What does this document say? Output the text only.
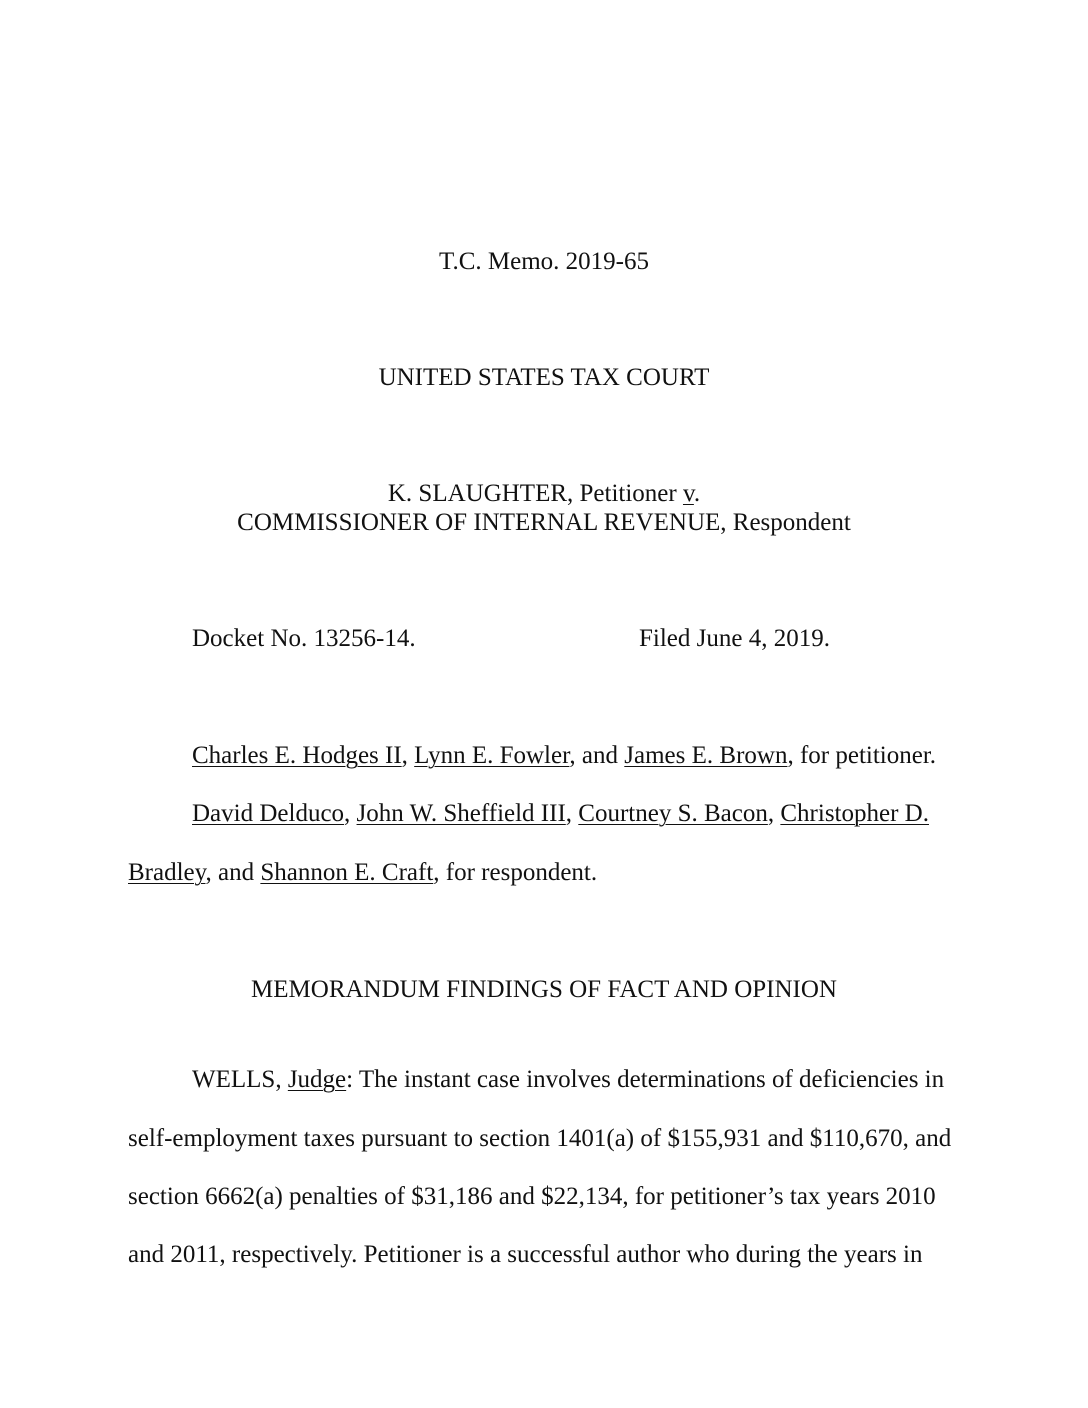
T.C. Memo. 2019-65
UNITED STATES TAX COURT
K. SLAUGHTER, Petitioner v.
COMMISSIONER OF INTERNAL REVENUE, Respondent
Docket No. 13256-14.	Filed June 4, 2019.
Charles E. Hodges II, Lynn E. Fowler, and James E. Brown, for petitioner.
David Delduco, John W. Sheffield III, Courtney S. Bacon, Christopher D.
Bradley, and Shannon E. Craft, for respondent.
MEMORANDUM FINDINGS OF FACT AND OPINION
WELLS, Judge: The instant case involves determinations of deficiencies in
self-employment taxes pursuant to section 1401(a) of $155,931 and $110,670, and
section 6662(a) penalties of $31,186 and $22,134, for petitioner’s tax years 2010
and 2011, respectively. Petitioner is a successful author who during the years in
